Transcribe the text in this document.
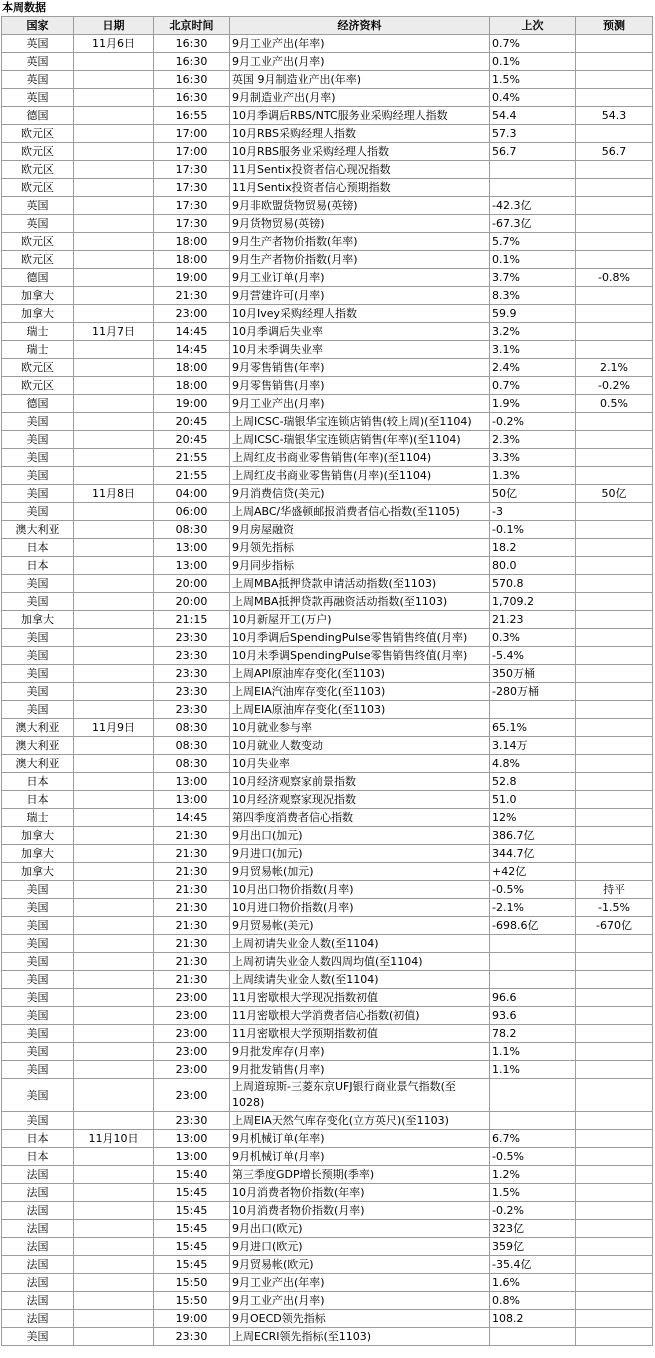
本周数据
国家	日期	北京时间	经济资料	上次	预测
英国	11月6日	16:30	9月工业产出(年率)	0.7%	
英国		16:30	9月工业产出(月率)	0.1%	
英国		16:30	英国 9月制造业产出(年率)	1.5%	
英国		16:30	9月制造业产出(月率)	0.4%	
德国		16:55	10月季调后RBS/NTC服务业采购经理人指数	54.4	54.3
欧元区		17:00	10月RBS采购经理人指数	57.3	
欧元区		17:00	10月RBS服务业采购经理人指数	56.7	56.7
欧元区		17:30	11月Sentix投资者信心现况指数		
欧元区		17:30	11月Sentix投资者信心预期指数		
英国		17:30	9月非欧盟货物贸易(英镑)	-42.3亿	
英国		17:30	9月货物贸易(英镑)	-67.3亿	
欧元区		18:00	9月生产者物价指数(年率)	5.7%	
欧元区		18:00	9月生产者物价指数(月率)	0.1%	
德国		19:00	9月工业订单(月率)	3.7%	-0.8%
加拿大		21:30	9月营建许可(月率)	8.3%	
加拿大		23:00	10月Ivey采购经理人指数	59.9	
瑞士	11月7日	14:45	10月季调后失业率	3.2%	
瑞士		14:45	10月未季调失业率	3.1%	
欧元区		18:00	9月零售销售(年率)	2.4%	2.1%
欧元区		18:00	9月零售销售(月率)	0.7%	-0.2%
德国		19:00	9月工业产出(月率)	1.9%	0.5%
美国		20:45	上周ICSC-瑞银华宝连锁店销售(较上周)(至1104)	-0.2%	
美国		20:45	上周ICSC-瑞银华宝连锁店销售(年率)(至1104)	2.3%	
美国		21:55	上周红皮书商业零售销售(年率)(至1104)	3.3%	
美国		21:55	上周红皮书商业零售销售(月率)(至1104)	1.3%	
美国	11月8日	04:00	9月消费信贷(美元)	50亿	50亿
美国		06:00	上周ABC/华盛顿邮报消费者信心指数(至1105)	-3	
澳大利亚		08:30	9月房屋融资	-0.1%	
日本		13:00	9月领先指标	18.2	
日本		13:00	9月同步指标	80.0	
美国		20:00	上周MBA抵押贷款申请活动指数(至1103)	570.8	
美国		20:00	上周MBA抵押贷款再融资活动指数(至1103)	1,709.2	
加拿大		21:15	10月新屋开工(万户)	21.23	
美国		23:30	10月季调后SpendingPulse零售销售终值(月率)	0.3%	
美国		23:30	10月未季调SpendingPulse零售销售终值(月率)	-5.4%	
美国		23:30	上周API原油库存变化(至1103)	350万桶	
美国		23:30	上周EIA汽油库存变化(至1103)	-280万桶	
美国		23:30	上周EIA原油库存变化(至1103)		
澳大利亚	11月9日	08:30	10月就业参与率	65.1%	
澳大利亚		08:30	10月就业人数变动	3.14万	
澳大利亚		08:30	10月失业率	4.8%	
日本		13:00	10月经济观察家前景指数	52.8	
日本		13:00	10月经济观察家现况指数	51.0	
瑞士		14:45	第四季度消费者信心指数	12%	
加拿大		21:30	9月出口(加元)	386.7亿	
加拿大		21:30	9月进口(加元)	344.7亿	
加拿大		21:30	9月贸易帐(加元)	+42亿	
美国		21:30	10月出口物价指数(月率)	-0.5%	持平
美国		21:30	10月进口物价指数(月率)	-2.1%	-1.5%
美国		21:30	9月贸易帐(美元)	-698.6亿	-670亿
美国		21:30	上周初请失业金人数(至1104)		
美国		21:30	上周初请失业金人数四周均值(至1104)		
美国		21:30	上周续请失业金人数(至1104)		
美国		23:00	11月密歇根大学现况指数初值	96.6	
美国		23:00	11月密歇根大学消费者信心指数(初值)	93.6	
美国		23:00	11月密歇根大学预期指数初值	78.2	
美国		23:00	9月批发库存(月率)	1.1%	
美国		23:00	9月批发销售(月率)	1.1%	
美国		23:00	上周道琼斯-三菱东京UFJ银行商业景气指数(至1028)		
美国		23:30	上周EIA天然气库存变化(立方英尺)(至1103)		
日本	11月10日	13:00	9月机械订单(年率)	6.7%	
日本		13:00	9月机械订单(月率)	-0.5%	
法国		15:40	第三季度GDP增长预期(季率)	1.2%	
法国		15:45	10月消费者物价指数(年率)	1.5%	
法国		15:45	10月消费者物价指数(月率)	-0.2%	
法国		15:45	9月出口(欧元)	323亿	
法国		15:45	9月进口(欧元)	359亿	
法国		15:45	9月贸易帐(欧元)	-35.4亿	
法国		15:50	9月工业产出(年率)	1.6%	
法国		15:50	9月工业产出(月率)	0.8%	
法国		19:00	9月OECD领先指标	108.2	
美国		23:30	上周ECRI领先指标(至1103)		
